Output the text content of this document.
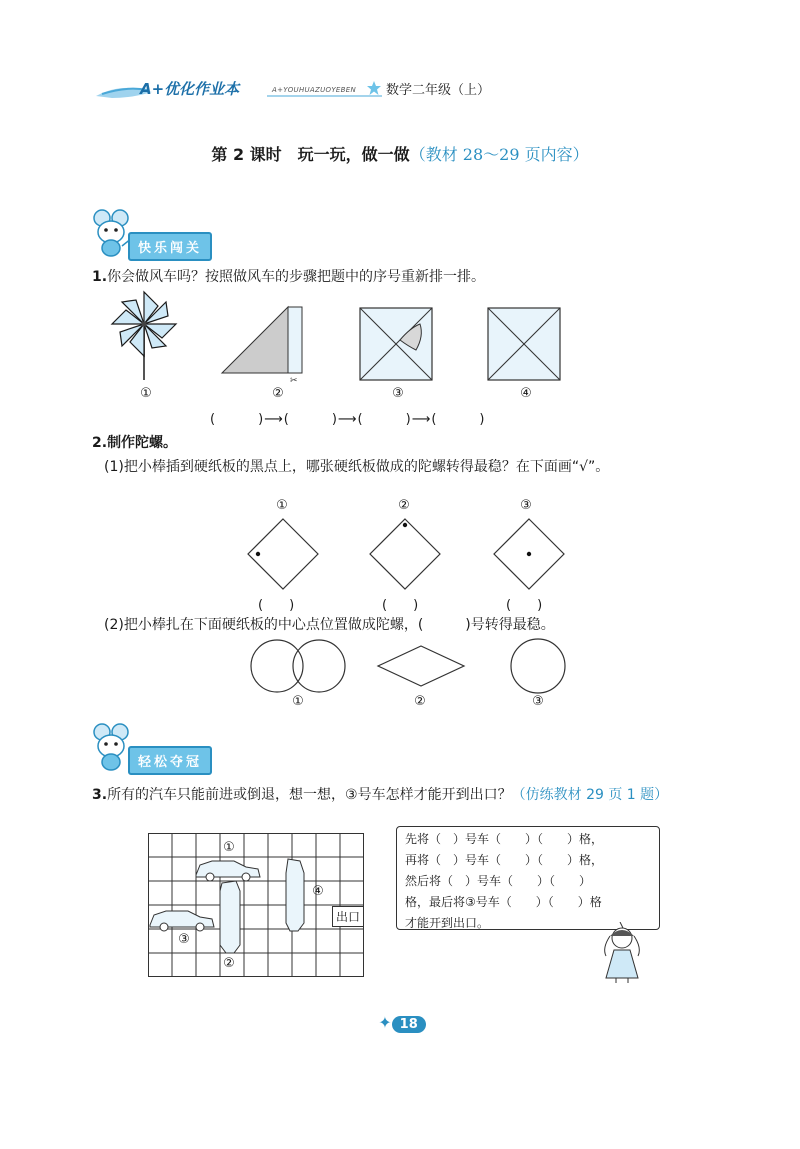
A+优化作业本	A+YOUHUAZUOYEBEN 数学二年级（上）
第 2 课时　玩一玩，做一做（教材 28～29 页内容）
快乐闯关
1.你会做风车吗？按照做风车的步骤把题中的序号重新排一排。
✂
①	②	③	④
(　　　)⟶(　　　)⟶(　　　)⟶(　　　)
2.制作陀螺。
(1)把小棒插到硬纸板的黑点上，哪张硬纸板做成的陀螺转得最稳？在下面画“√”。
①	②	③
(　　)	(　　)	(　　)
(2)把小棒扎在下面硬纸板的中心点位置做成陀螺，(　　　	)号转得最稳。
①	②	③
轻松夺冠
3.所有的汽车只能前进或倒退，想一想，③号车怎样才能开到出口？（仿练教材 29 页 1 题）
①
②
③
④
出口
先将（　）号车（　　）（　　）格，
再将（　）号车（　　）（　　）格，
然后将（　）号车（　　）（　　）
格，最后将③号车（　　）（　　）格
才能开到出口。
✦ 18
